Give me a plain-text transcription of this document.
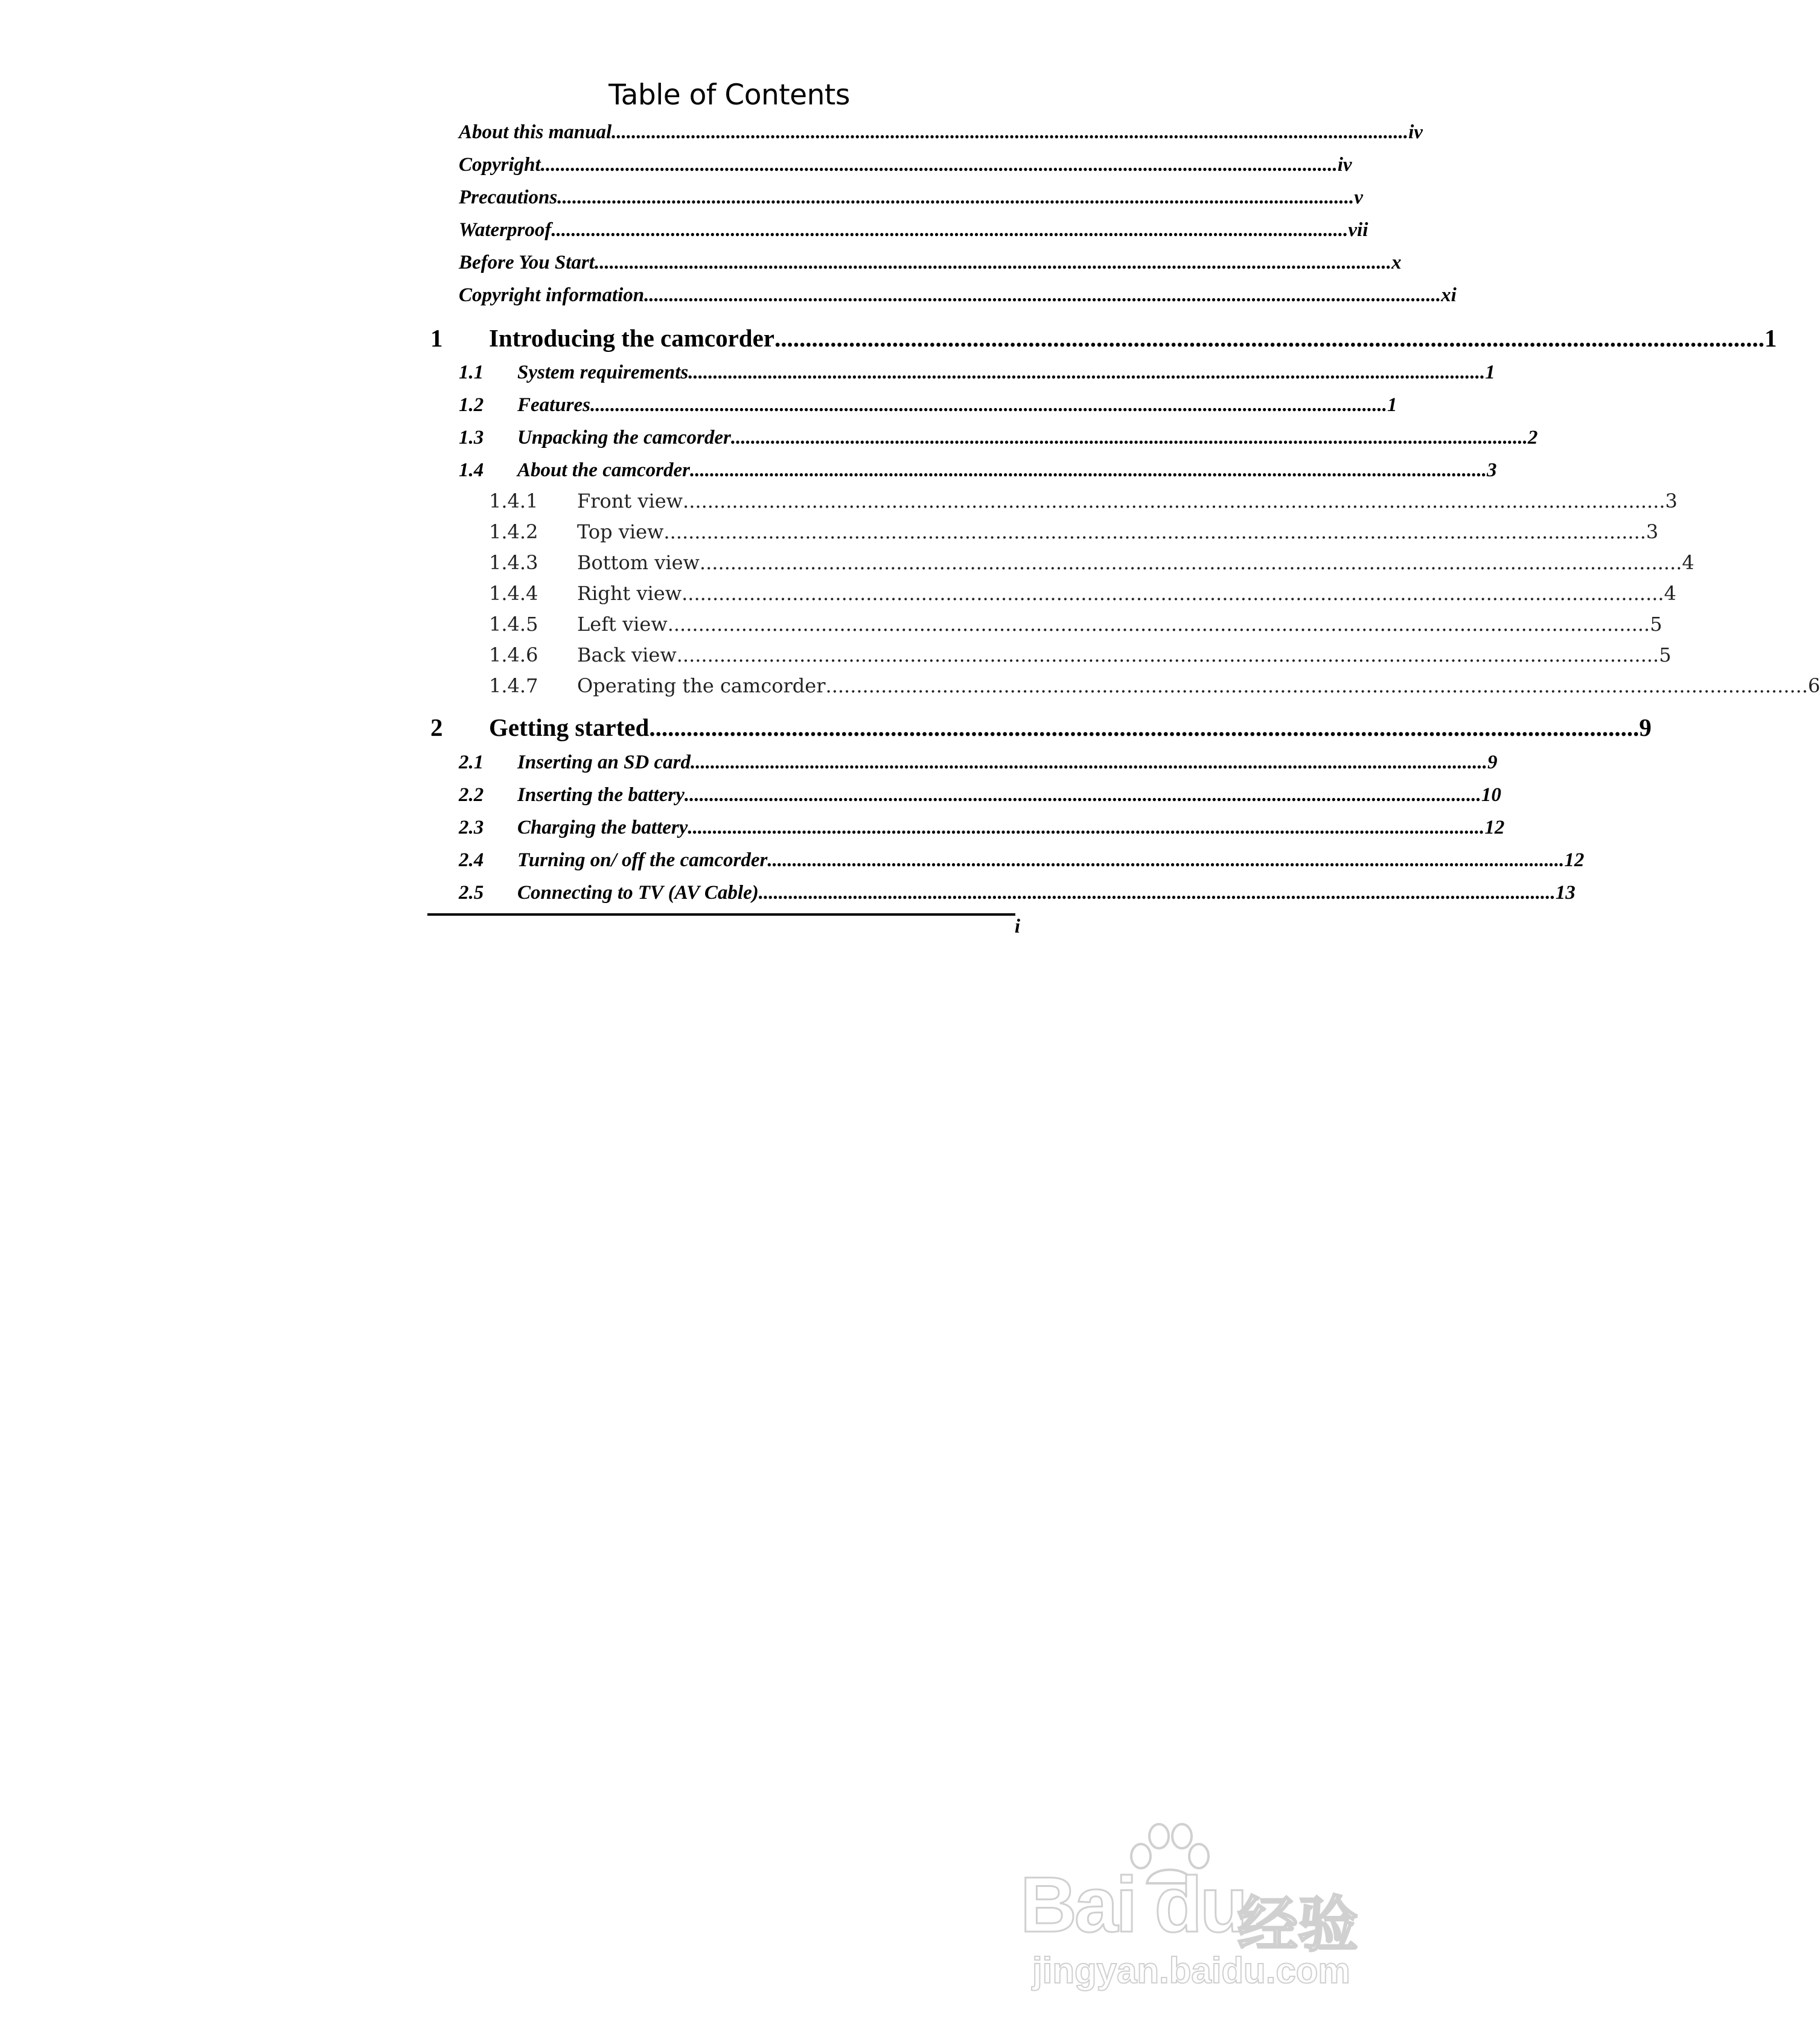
Table of Contents
About this manual ................................................................................................................................................................ iv
Copyright ................................................................................................................................................................ iv
Precautions ................................................................................................................................................................ v
Waterproof ................................................................................................................................................................ vii
Before You Start ................................................................................................................................................................ x
Copyright information ................................................................................................................................................................ xi
1	Introducing the camcorder ................................................................................................................................................................ 1
1.1	System requirements ................................................................................................................................................................ 1
1.2	Features ................................................................................................................................................................ 1
1.3	Unpacking the camcorder ................................................................................................................................................................ 2
1.4	About the camcorder ................................................................................................................................................................ 3
1.4.1	Front view ................................................................................................................................................................ 3
1.4.2	Top view ................................................................................................................................................................ 3
1.4.3	Bottom view ................................................................................................................................................................ 4
1.4.4	Right view ................................................................................................................................................................ 4
1.4.5	Left view ................................................................................................................................................................ 5
1.4.6	Back view ................................................................................................................................................................ 5
1.4.7	Operating the camcorder ................................................................................................................................................................ 6
2	Getting started ................................................................................................................................................................ 9
2.1	Inserting an SD card ................................................................................................................................................................ 9
2.2	Inserting the battery ................................................................................................................................................................ 10
2.3	Charging the battery ................................................................................................................................................................ 12
2.4	Turning on/ off the camcorder ................................................................................................................................................................ 12
2.5	Connecting to TV (AV Cable) ................................................................................................................................................................ 13
i
Bai du
经验
jingyan.baidu.com
